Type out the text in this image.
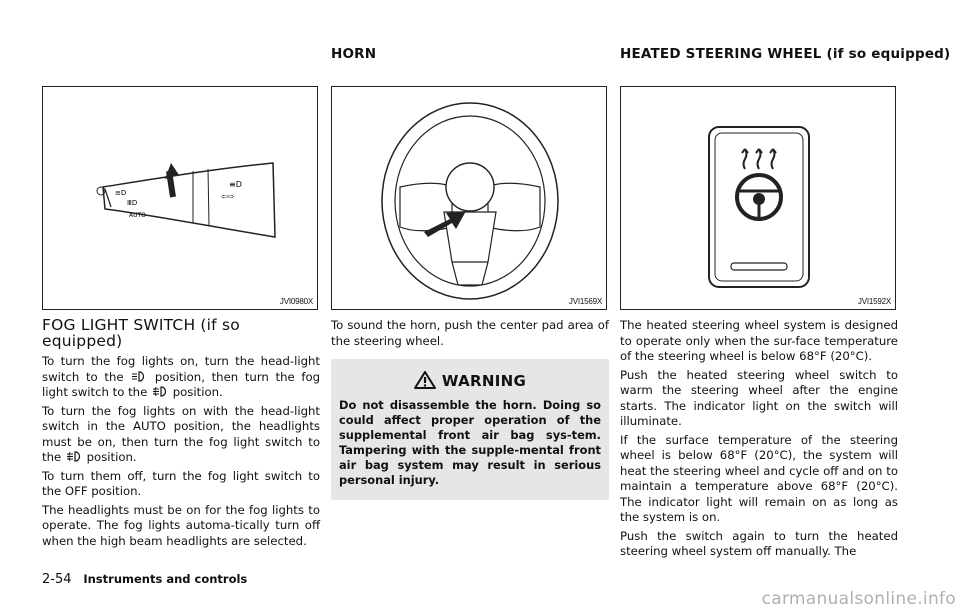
HORN	HEATED STEERING WHEEL (if so equipped)
≡D
ⅢD
AUTO
⇦⇨
≡D
JVI0980X	JVI1569X	JVI1592X
FOG LIGHT SWITCH (if so equipped)

To turn the fog lights on, turn the head-light switch to the	position, then turn the fog light switch to the position.

To turn the fog lights on with the head-light switch in the AUTO position, the headlights must be on, then turn the fog light switch to the position.

To turn them off, turn the fog light switch to the OFF position.

The headlights must be on for the fog lights to operate. The fog lights automa-tically turn off when the high beam headlights are selected.

To sound the horn, push the center pad area of the steering wheel.

WARNING

Do not disassemble the horn. Doing so could affect proper operation of the supplemental front air bag sys-tem. Tampering with the supple-mental front air bag system may result in serious personal injury.

The heated steering wheel system is designed to operate only when the sur-face temperature of the steering wheel is below 68°F (20°C).

Push the heated steering wheel switch to warm the steering wheel after the engine starts. The indicator light on the switch will illuminate.

If the surface temperature of the steering wheel is below 68°F (20°C), the system will heat the steering wheel and cycle off and on to maintain a temperature above 68°F (20°C). The indicator light will remain on as long as the system is on.

Push the switch again to turn the heated steering wheel system off manually. The

2-54 Instruments and controls
carmanualsonline.info
